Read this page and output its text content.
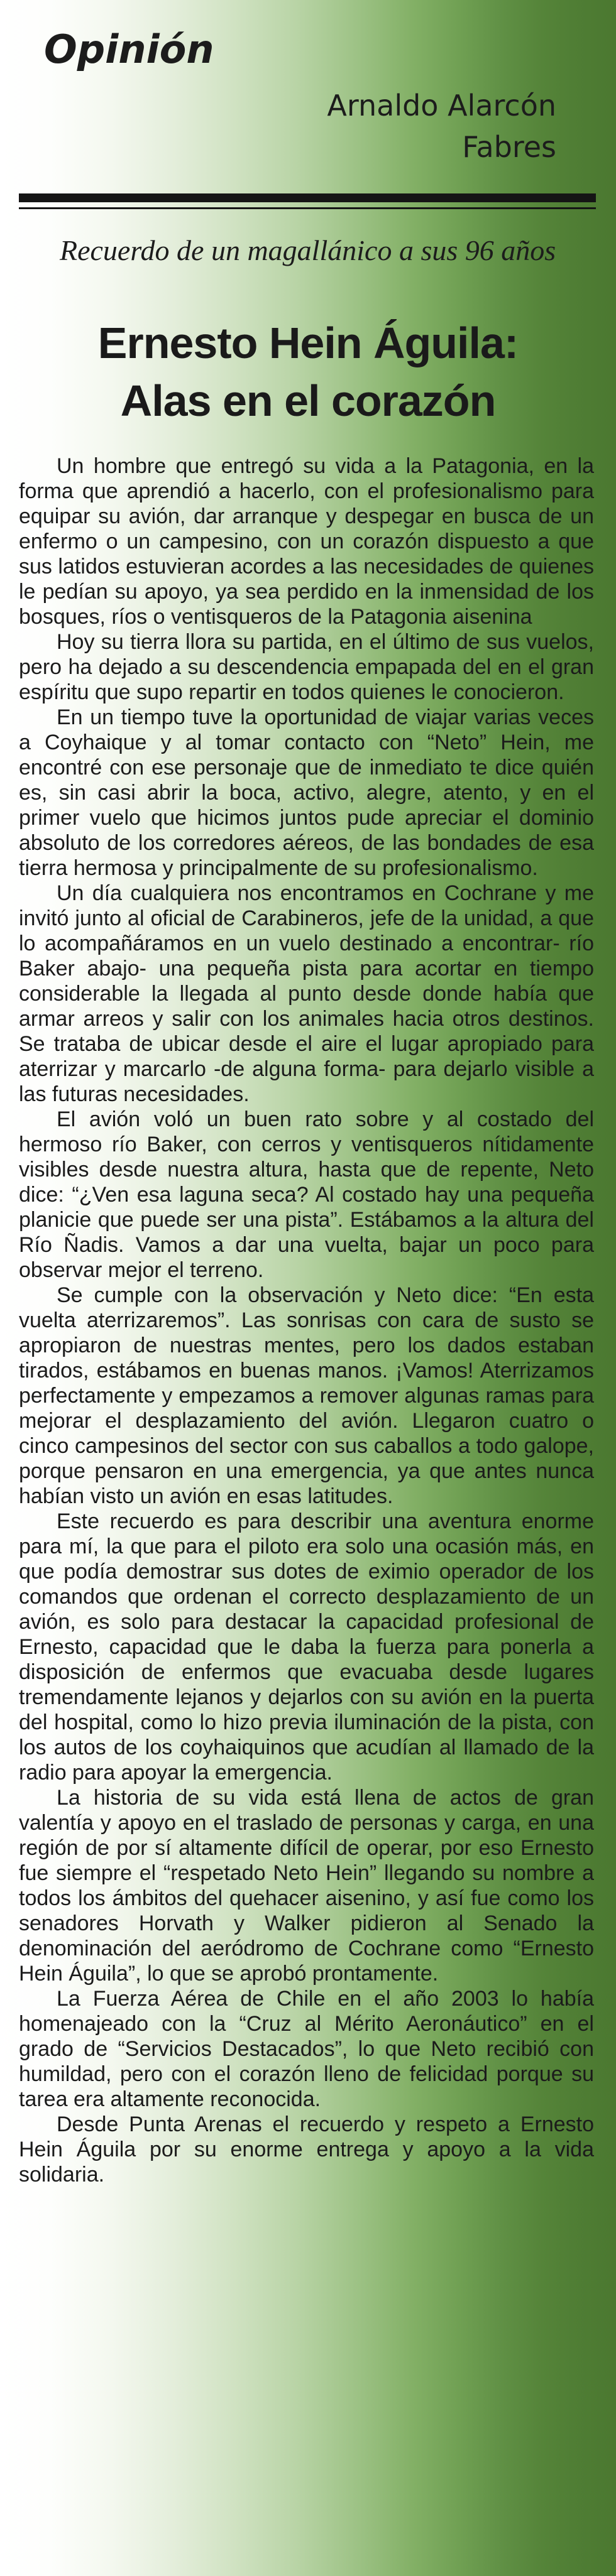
Opinión
Arnaldo Alarcón
Fabres
Recuerdo de un magallánico a sus 96 años
Ernesto Hein Águila:
Alas en el corazón

Un hombre que entregó su vida a la Patagonia, en la forma que aprendió a hacerlo, con el profesionalismo para equipar su avión, dar arranque y despegar en busca de un enfermo o un campesino, con un corazón dispuesto a que sus latidos estuvieran acordes a las necesidades de quienes le pedían su apoyo, ya sea perdido en la inmensidad de los bosques, ríos o ventisqueros de la Patagonia aisenina

Hoy su tierra llora su partida, en el último de sus vuelos, pero ha dejado a su descendencia empapada del en el gran espíritu que supo repartir en todos quienes le conocieron.

En un tiempo tuve la oportunidad de viajar varias veces a Coyhaique y al tomar contacto con “Neto” Hein, me encontré con ese personaje que de inmediato te dice quién es, sin casi abrir la boca, activo, alegre, atento, y en el primer vuelo que hicimos juntos pude apreciar el dominio absoluto de los corredores aéreos, de las bondades de esa tierra hermosa y principalmente de su profesionalismo.

Un día cualquiera nos encontramos en Cochrane y me invitó junto al oficial de Carabineros, jefe de la unidad, a que lo acompañáramos en un vuelo destinado a encontrar- río Baker abajo- una pequeña pista para acortar en tiempo considerable la llegada al punto desde donde había que armar arreos y salir con los animales hacia otros destinos. Se trataba de ubicar desde el aire el lugar apropiado para aterrizar y marcarlo -de alguna forma- para dejarlo visible a las futuras necesidades.

El avión voló un buen rato sobre y al costado del hermoso río Baker, con cerros y ventisqueros nítidamente visibles desde nuestra altura, hasta que de repente, Neto dice: “¿Ven esa laguna seca? Al costado hay una pequeña planicie que puede ser una pista”. Estábamos a la altura del Río Ñadis. Vamos a dar una vuelta, bajar un poco para observar mejor el terreno.

Se cumple con la observación y Neto dice: “En esta vuelta aterrizaremos”. Las sonrisas con cara de susto se apropiaron de nuestras mentes, pero los dados estaban tirados, estábamos en buenas manos. ¡Vamos! Aterrizamos perfectamente y empezamos a remover algunas ramas para mejorar el desplazamiento del avión. Llegaron cuatro o cinco campesinos del sector con sus caballos a todo galope, porque pensaron en una emergencia, ya que antes nunca habían visto un avión en esas latitudes.

Este recuerdo es para describir una aventura enorme para mí, la que para el piloto era solo una ocasión más, en que podía demostrar sus dotes de eximio operador de los comandos que ordenan el correcto desplazamiento de un avión, es solo para destacar la capacidad profesional de Ernesto, capacidad que le daba la fuerza para ponerla a disposición de enfermos que evacuaba desde lugares tremendamente lejanos y dejarlos con su avión en la puerta del hospital, como lo hizo previa iluminación de la pista, con los autos de los coyhaiquinos que acudían al llamado de la radio para apoyar la emergencia.

La historia de su vida está llena de actos de gran valentía y apoyo en el traslado de personas y carga, en una región de por sí altamente difícil de operar, por eso Ernesto fue siempre el “respetado Neto Hein” llegando su nombre a todos los ámbitos del quehacer aisenino, y así fue como los senadores Horvath y Walker pidieron al Senado la denominación del aeródromo de Cochrane como “Ernesto Hein Águila”, lo que se aprobó prontamente.

La Fuerza Aérea de Chile en el año 2003 lo había homenajeado con la “Cruz al Mérito Aeronáutico” en el grado de “Servicios Destacados”, lo que Neto recibió con humildad, pero con el corazón lleno de felicidad porque su tarea era altamente reconocida.

Desde Punta Arenas el recuerdo y respeto a Ernesto Hein Águila por su enorme entrega y apoyo a la vida solidaria.
